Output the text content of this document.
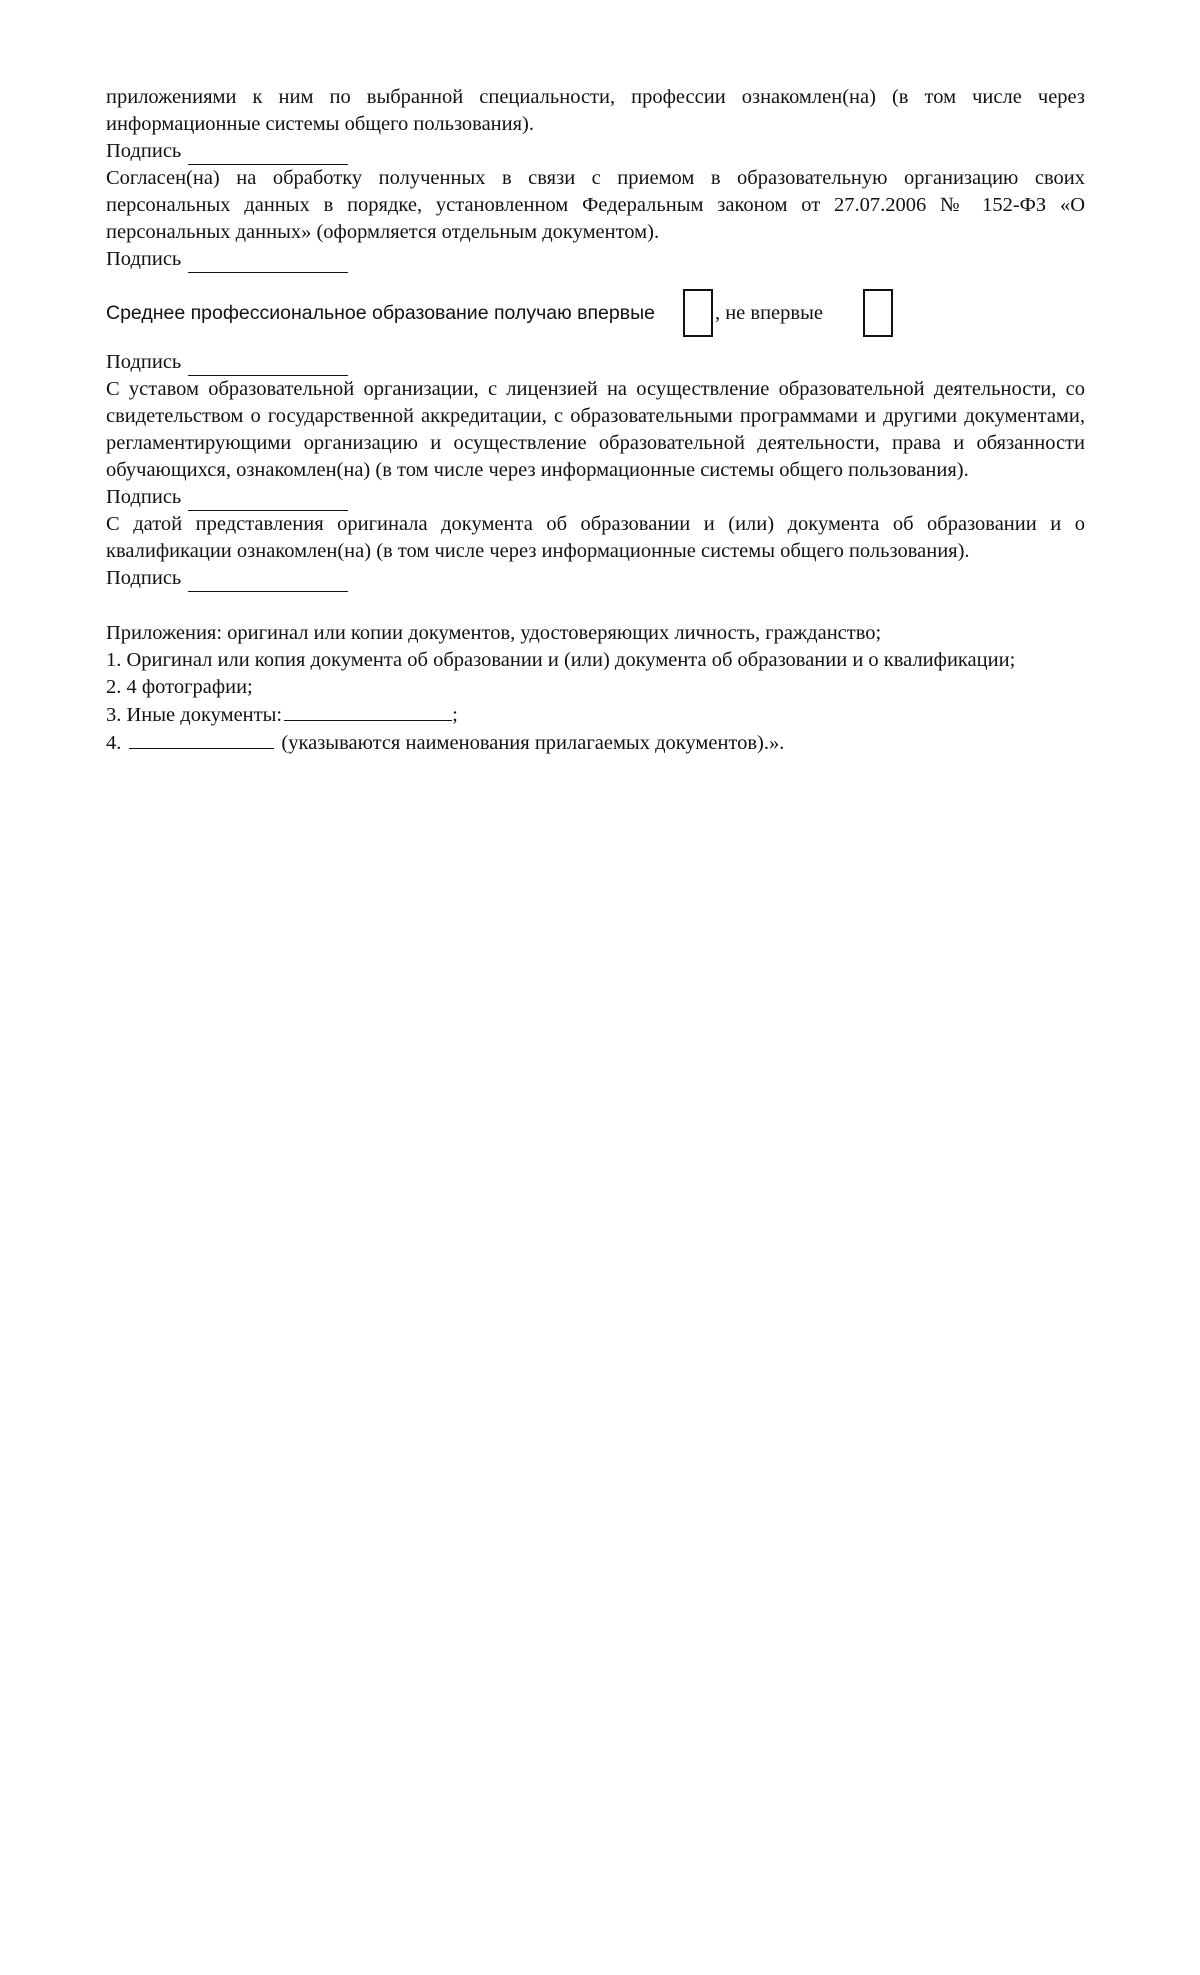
приложениями к ним по выбранной специальности, профессии ознакомлен(на) (в том числе через информационные системы общего пользования).

Подпись

Согласен(на) на обработку полученных в связи с приемом в образовательную организацию своих персональных данных в порядке, установленном Федеральным законом от 27.07.2006 № 152-ФЗ «О персональных данных» (оформляется отдельным документом).

Подпись

Среднее профессиональное образование получаю впервые	, не впервые

Подпись

С уставом образовательной организации, с лицензией на осуществление образовательной деятельности, со свидетельством о государственной аккредитации, с образовательными программами и другими документами, регламентирующими организацию и осуществление образовательной деятельности, права и обязанности обучающихся, ознакомлен(на) (в том числе через информационные системы общего пользования).

Подпись

С датой представления оригинала документа об образовании и (или) документа об образовании и о квалификации ознакомлен(на) (в том числе через информационные системы общего пользования).

Подпись

Приложения: оригинал или копии документов, удостоверяющих личность, гражданство;

1. Оригинал или копия документа об образовании и (или) документа об образовании и о квалификации;

2. 4 фотографии;

3. Иные документы:	;

4.	(указываются наименования прилагаемых документов).».
